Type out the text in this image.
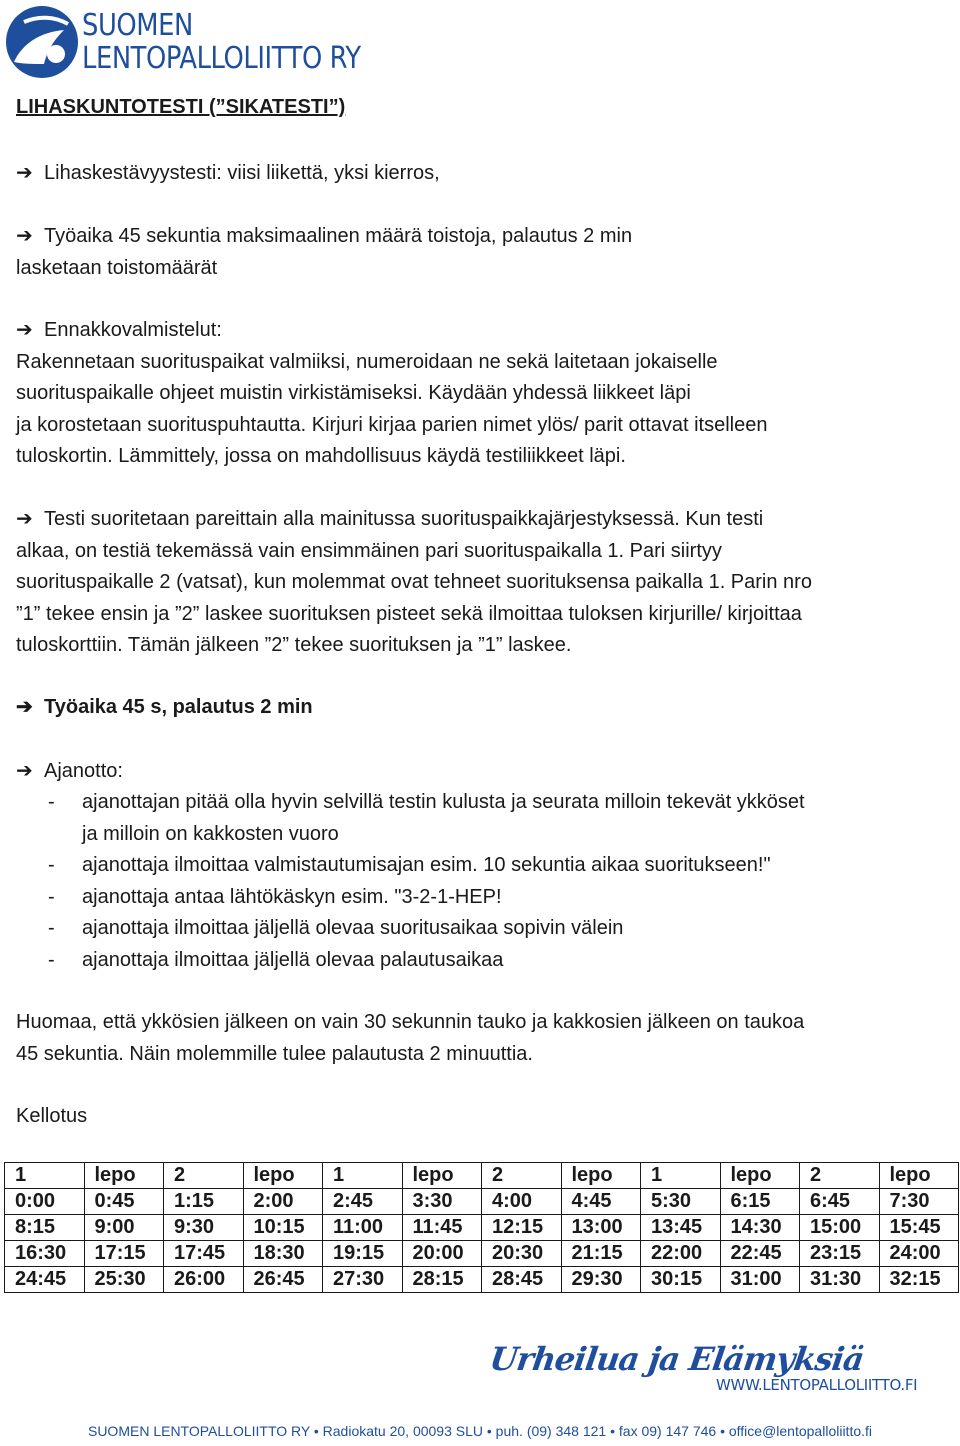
SUOMEN
LENTOPALLOLIITTO RY
LIHASKUNTOTESTI (”SIKATESTI”)

➔ Lihaskestävyystesti: viisi liikettä, yksi kierros,

➔ Työaika 45 sekuntia maksimaalinen määrä toistoja, palautus 2 min
lasketaan toistomäärät

➔ Ennakkovalmistelut:
Rakennetaan suorituspaikat valmiiksi, numeroidaan ne sekä laitetaan jokaiselle
suorituspaikalle ohjeet muistin virkistämiseksi. Käydään yhdessä liikkeet läpi
ja korostetaan suorituspuhtautta. Kirjuri kirjaa parien nimet ylös/ parit ottavat itselleen
tuloskortin. Lämmittely, jossa on mahdollisuus käydä testiliikkeet läpi.

➔ Testi suoritetaan pareittain alla mainitussa suorituspaikkajärjestyksessä. Kun testi
alkaa, on testiä tekemässä vain ensimmäinen pari suorituspaikalla 1. Pari siirtyy
suorituspaikalle 2 (vatsat), kun molemmat ovat tehneet suorituksensa paikalla 1. Parin nro
”1” tekee ensin ja ”2” laskee suorituksen pisteet sekä ilmoittaa tuloksen kirjurille/ kirjoittaa
tuloskorttiin. Tämän jälkeen ”2” tekee suorituksen ja ”1” laskee.

➔ Työaika 45 s, palautus 2 min

➔ Ajanotto:

- ajanottajan pitää olla hyvin selvillä testin kulusta ja seurata milloin tekevät ykköset
ja milloin on kakkosten vuoro
- ajanottaja ilmoittaa valmistautumisajan esim. 10 sekuntia aikaa suoritukseen!"
- ajanottaja antaa lähtökäskyn esim. "3-2-1-HEP!
- ajanottaja ilmoittaa jäljellä olevaa suoritusaikaa sopivin välein
- ajanottaja ilmoittaa jäljellä olevaa palautusaikaa

Huomaa, että ykkösien jälkeen on vain 30 sekunnin tauko ja kakkosien jälkeen on taukoa
45 sekuntia. Näin molemmille tulee palautusta 2 minuuttia.

Kellotus

1	lepo	2	lepo	1	lepo	2	lepo	1	lepo	2	lepo
0:00	0:45	1:15	2:00	2:45	3:30	4:00	4:45	5:30	6:15	6:45	7:30
8:15	9:00	9:30	10:15	11:00	11:45	12:15	13:00	13:45	14:30	15:00	15:45
16:30	17:15	17:45	18:30	19:15	20:00	20:30	21:15	22:00	22:45	23:15	24:00
24:45	25:30	26:00	26:45	27:30	28:15	28:45	29:30	30:15	31:00	31:30	32:15
Urheilua ja Elämyksiä
WWW.LENTOPALLOLIITTO.FI
SUOMEN LENTOPALLOLIITTO RY • Radiokatu 20, 00093 SLU • puh. (09) 348 121 • fax 09) 147 746 • office@lentopalloliitto.fi
